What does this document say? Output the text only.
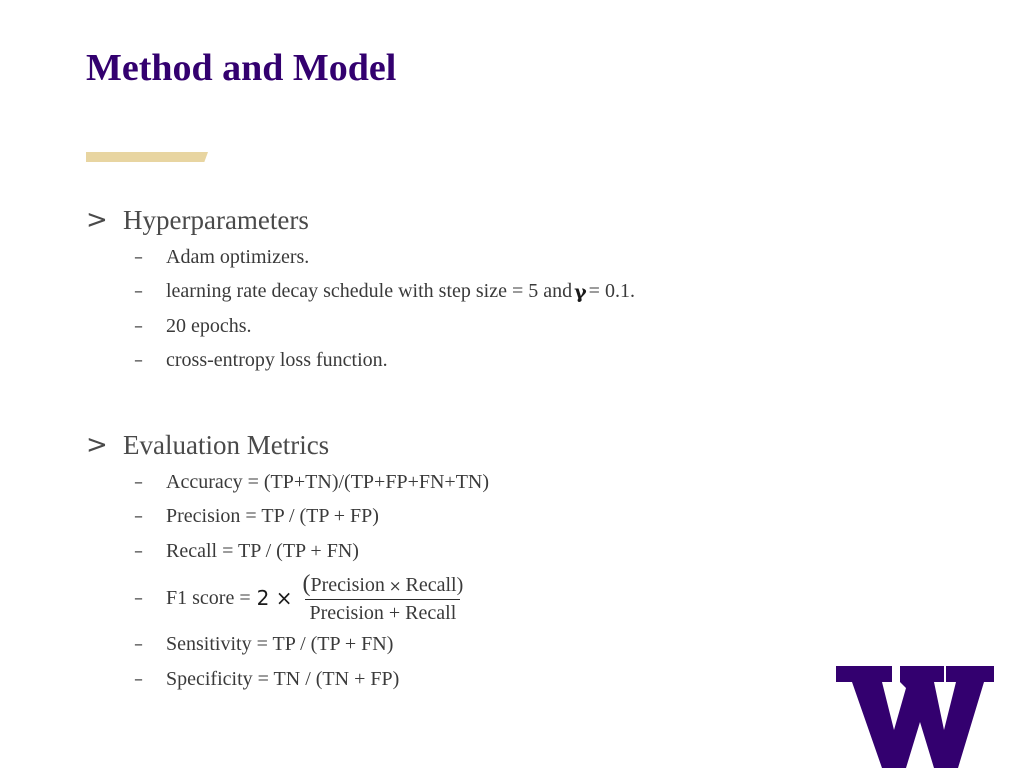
Method and Model
> Hyperparameters
–	Adam optimizers.
–	learning rate decay schedule with step size = 5 and γ = 0.1.
–	20 epochs.
–	cross-entropy loss function.
> Evaluation Metrics
–	Accuracy = (TP+TN)/(TP+FP+FN+TN)
–	Precision = TP / (TP + FP)
–	Recall = TP / (TP + FN)
–	F1 score = $2 \times \frac{\text{(Precision × Recall)}}{\text{Precision + Recall}}$
–	Sensitivity = TP / (TP + FN)
–	Specificity = TN / (TN + FP)
